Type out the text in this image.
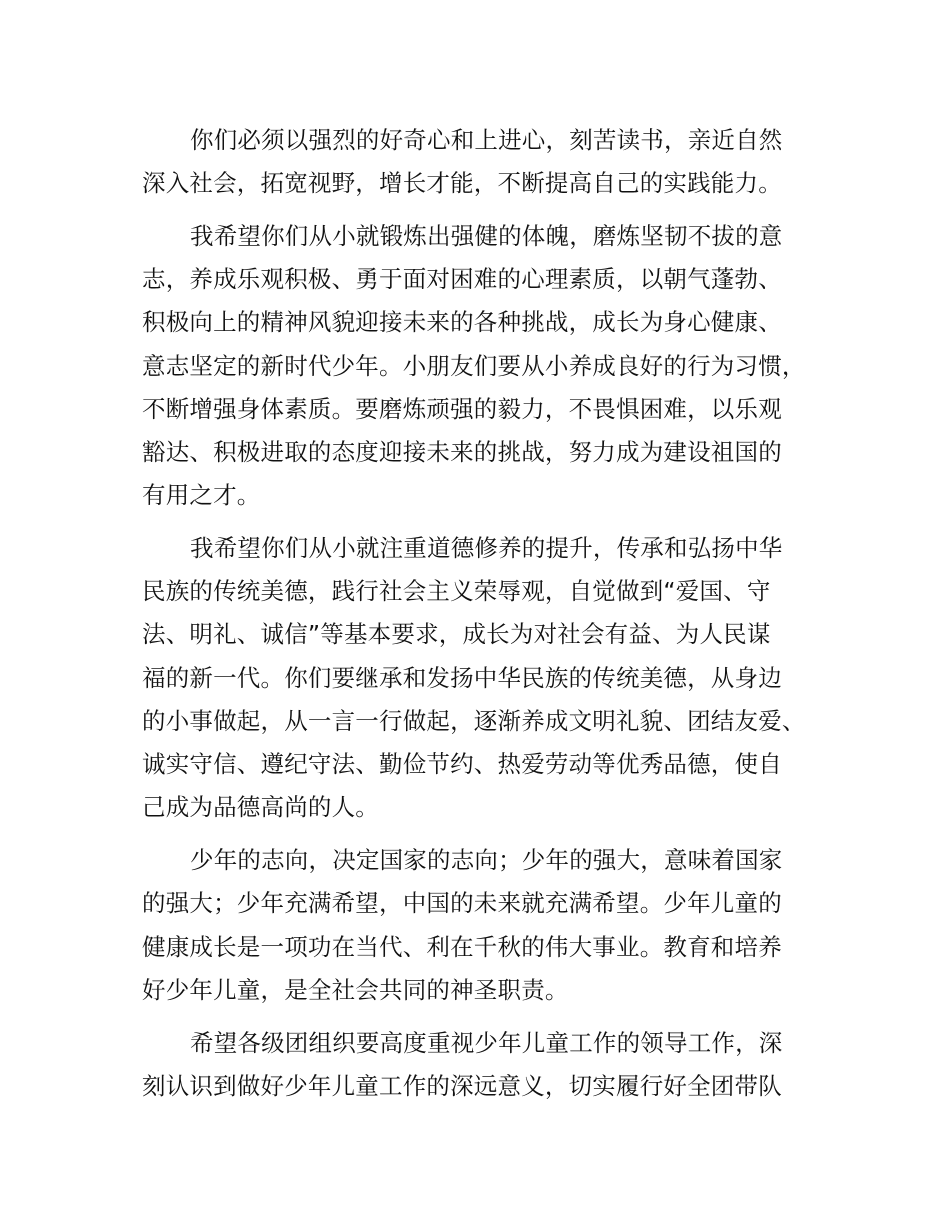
你们必须以强烈的好奇心和上进心，刻苦读书，亲近自然
深入社会，拓宽视野，增长才能，不断提高自己的实践能力。
我希望你们从小就锻炼出强健的体魄，磨炼坚韧不拔的意
志，养成乐观积极、勇于面对困难的心理素质，以朝气蓬勃、
积极向上的精神风貌迎接未来的各种挑战，成长为身心健康、
意志坚定的新时代少年。小朋友们要从小养成良好的行为习惯，
不断增强身体素质。要磨炼顽强的毅力，不畏惧困难，以乐观
豁达、积极进取的态度迎接未来的挑战，努力成为建设祖国的
有用之才。
我希望你们从小就注重道德修养的提升，传承和弘扬中华
民族的传统美德，践行社会主义荣辱观，自觉做到“爱国、守
法、明礼、诚信”等基本要求，成长为对社会有益、为人民谋
福的新一代。你们要继承和发扬中华民族的传统美德，从身边
的小事做起，从一言一行做起，逐渐养成文明礼貌、团结友爱、
诚实守信、遵纪守法、勤俭节约、热爱劳动等优秀品德，使自
己成为品德高尚的人。
少年的志向，决定国家的志向；少年的强大，意味着国家
的强大；少年充满希望，中国的未来就充满希望。少年儿童的
健康成长是一项功在当代、利在千秋的伟大事业。教育和培养
好少年儿童，是全社会共同的神圣职责。
希望各级团组织要高度重视少年儿童工作的领导工作，深
刻认识到做好少年儿童工作的深远意义，切实履行好全团带队
